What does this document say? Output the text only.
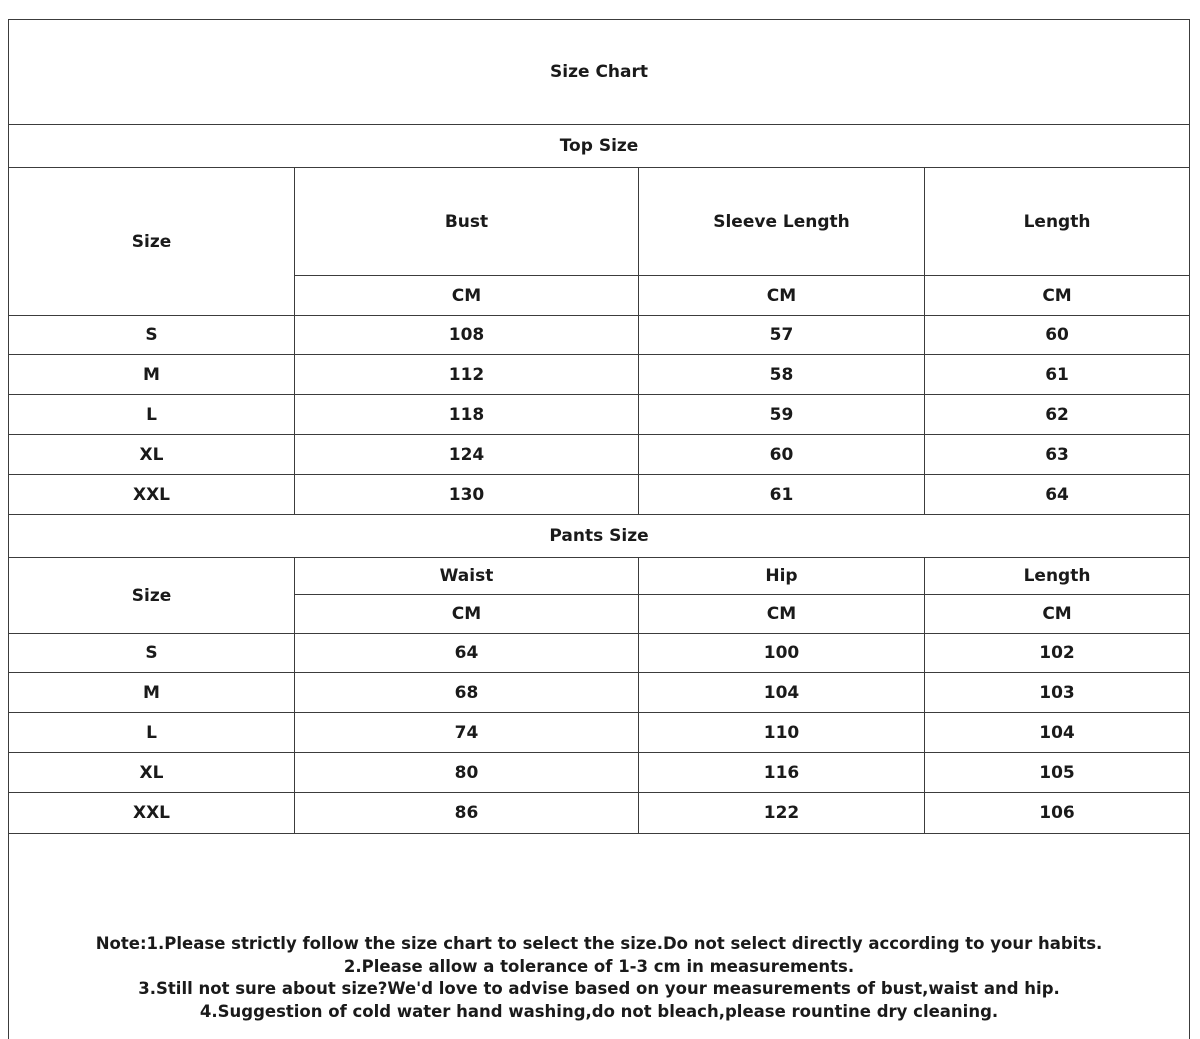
Size Chart			
Top Size			
Size	Bust	Sleeve Length	Length
	CM	CM	CM
S	108	57	60
M	112	58	61
L	118	59	62
XL	124	60	63
XXL	130	61	64
Pants Size			
Size	Waist	Hip	Length
	CM	CM	CM
S	64	100	102
M	68	104	103
L	74	110	104
XL	80	116	105
XXL	86	122	106

Note:1.Please strictly follow the size chart to select the size.Do not select directly according to your habits.
2.Please allow a tolerance of 1-3 cm in measurements.
3.Still not sure about size?We'd love to advise based on your measurements of bust,waist and hip.
4.Suggestion of cold water hand washing,do not bleach,please rountine dry cleaning.			
